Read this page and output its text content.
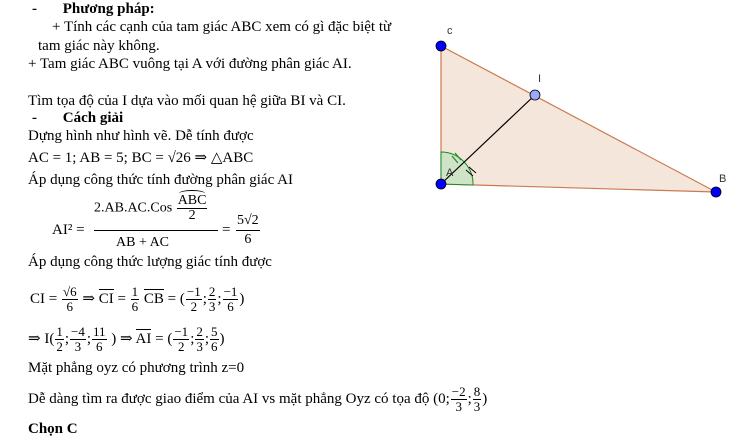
c
I
A	B
- Phương pháp:
+ Tính các cạnh của tam giác ABC xem có gì đặc biệt từ
tam giác này không.
+ Tam giác ABC vuông tại A với đường phân giác AI.
Tìm tọa độ của I dựa vào mối quan hệ giữa BI và CI.
- Cách giải
Dựng hình như hình vẽ. Dễ tính được
AC = 1; AB = 5; BC = √26 ⇒ △ABC
Áp dụng công thức tính đường phân giác AI
AI² =
$2.AB.AC.Cos \frac{\text{ABC}}{2}$
AB + AC
= $\frac{5√2}{6}$
Áp dụng công thức lượng giác tính được
CI = $\frac{√6}{6}$ ⇒ CI = $\frac{1}{6}$ CB = ( $\frac{-1}{2}$ ; $\frac{2}{3}$ ; $\frac{-1}{6}$ )
⇒ $I( \frac{1}{2}$ ; $\frac{-4}{3}$ ; $\frac{11}{6}$ ) ⇒ AI = ( $\frac{-1}{2}$ ; $\frac{2}{3}$ ; $\frac{5}{6}$ )
Mặt phẳng oyz có phương trình z=0
Dễ dàng tìm ra được giao điểm của AI vs mặt phẳng Oyz có tọa độ (0; $\frac{-2}{3}$ ; $\frac{8}{3}$ )
Chọn C
